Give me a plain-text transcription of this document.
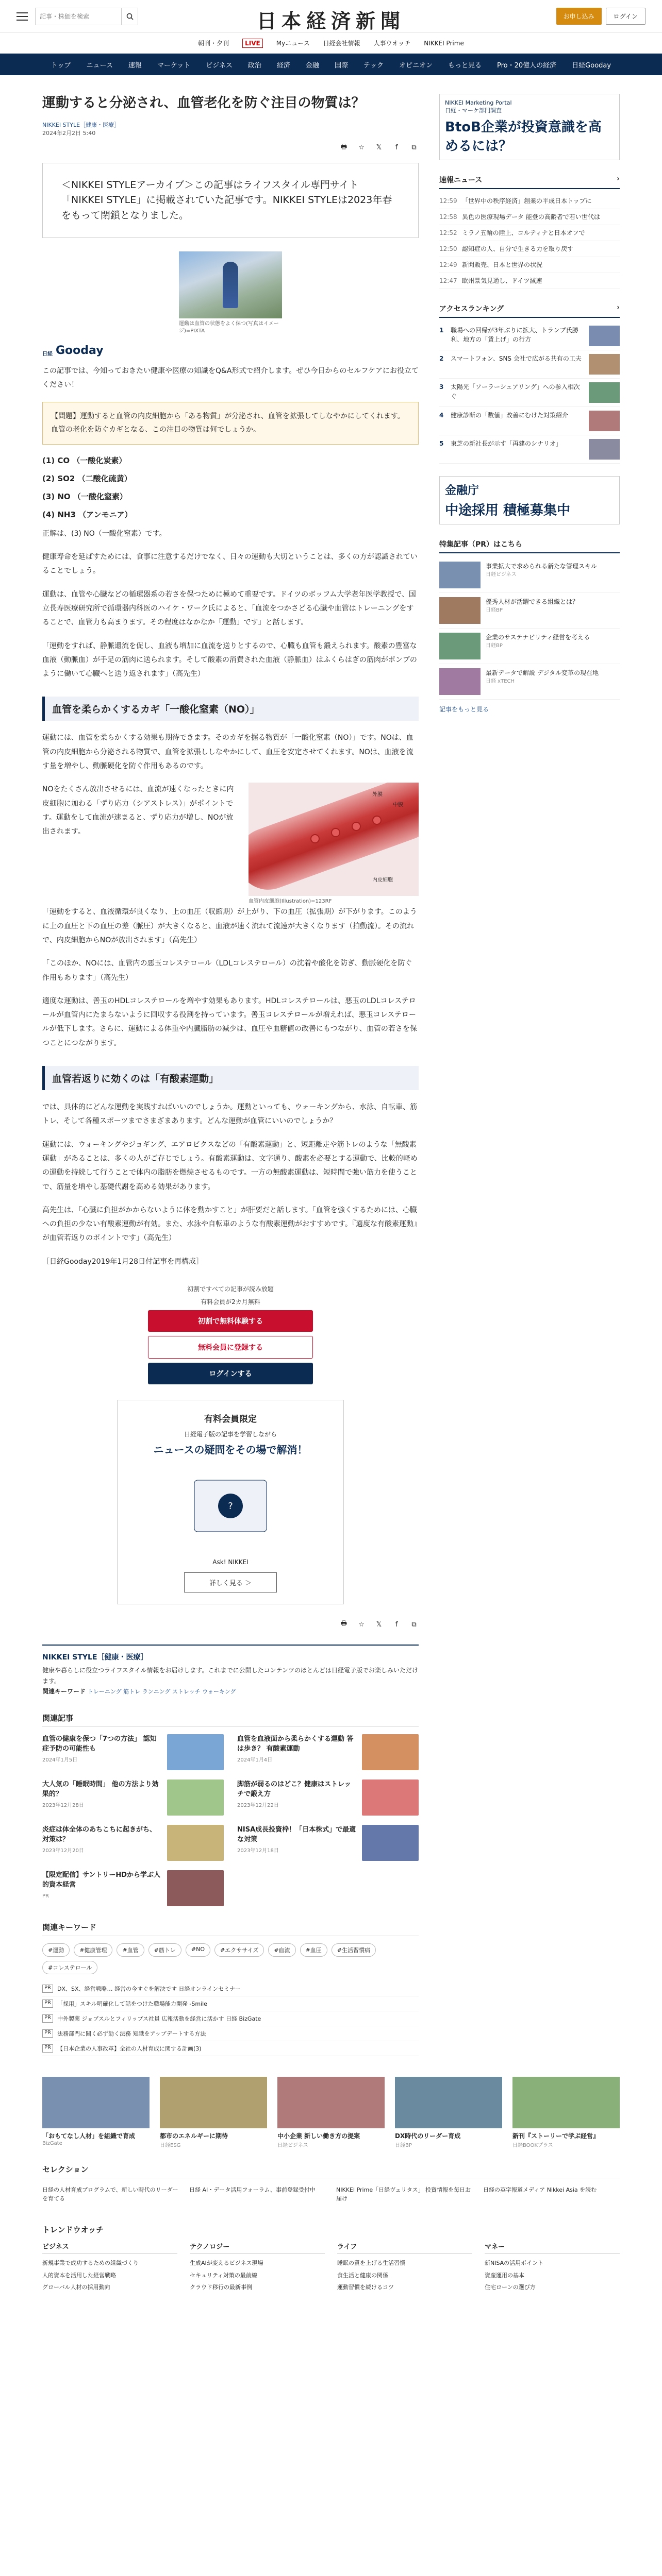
記事・株価を検索
日本経済新聞	お申し込み	ログイン
朝刊・夕刊	LIVE	Myニュース 日経会社情報 人事ウオッチ NIKKEI Prime
トップ ニュース 速報 マーケット ビジネス 政治 経済 金融 国際 テック オピニオン もっと見る Pro・20億人の経済 日経Gooday
運動すると分泌され、血管老化を防ぐ注目の物質は？
NIKKEI STYLE［健康・医療］
2024年2月2日 5:40
🖶 ☆ 𝕏	f	⧉
＜NIKKEI STYLEアーカイブ＞この記事はライフスタイル専門サイト「NIKKEI STYLE」に掲載されていた記事です。NIKKEI STYLEは2023年春をもって閉鎖となりました。
運動は血管の状態をよく保つ(写真はイメージ)=PIXTA
日経 Gooday

この記事では、今知っておきたい健康や医療の知識をQ&A形式で紹介します。ぜひ今日からのセルフケアにお役立てください！

【問題】運動すると血管の内皮細胞から「ある物質」が分泌され、血管を拡張してしなやかにしてくれます。血管の老化を防ぐカギとなる、この注目の物質は何でしょうか。
(1) CO （一酸化炭素）
(2) SO2 （二酸化硫黄）
(3) NO （一酸化窒素）
(4) NH3 （アンモニア）

正解は、(3) NO（一酸化窒素）です。

健康寿命を延ばすためには、食事に注意するだけでなく、日々の運動も大切ということは、多くの方が認識されていることでしょう。

運動は、血管や心臓などの循環器系の若さを保つために極めて重要です。ドイツのボッフム大学老年医学教授で、国立長寿医療研究所で循環器内科医のハイケ・ワーク氏によると、「血流をつかさどる心臓や血管はトレーニングをすることで、血管力も高まります。その程度はなかなか「運動」です」と話します。

「運動をすれば、静脈還流を促し、血液も増加に血流を送りとするので、心臓も血管も鍛えられます。酸素の豊富な血液（動脈血）が手足の筋肉に送られます。そして酸素の消費された血液（静脈血）はふくらはぎの筋肉がポンプのように働いて心臓へと送り返されます」（高先生）

血管を柔らかくするカギ「一酸化窒素（NO）」

運動には、血管を柔らかくする効果も期待できます。そのカギを握る物質が「一酸化窒素（NO）」です。NOは、血管の内皮細胞から分泌される物質で、血管を拡張ししなやかにして、血圧を安定させてくれます。NOは、血液を流す量を増やし、動脈硬化を防ぐ作用もあるのです。

NOをたくさん放出させるには、血流が速くなったときに内皮細胞に加わる「ずり応力（シアストレス）」がポイントです。運動をして血流が速まると、ずり応力が増し、NOが放出されます。

外膜
中膜
内皮細胞
血管内皮細胞(Illustration)=123RF

「運動をすると、血液循環が良くなり、上の血圧（収縮期）が上がり、下の血圧（拡張期）が下がります。このように上の血圧と下の血圧の差（脈圧）が大きくなると、血液が速く流れて流速が大きくなります（拍動流）。その流れで、内皮細胞からNOが放出されます」（高先生）

「このほか、NOには、血管内の悪玉コレステロール（LDLコレステロール）の沈着や酸化を防ぎ、動脈硬化を防ぐ作用もあります」（高先生）

適度な運動は、善玉のHDLコレステロールを増やす効果もあります。HDLコレステロールは、悪玉のLDLコレステロールが血管内にたまらないように回収する役割を持っています。善玉コレステロールが増えれば、悪玉コレステロールが低下します。さらに、運動による体重や内臓脂肪の減少は、血圧や血糖値の改善にもつながり、血管の若さを保つことにつながります。

血管若返りに効くのは「有酸素運動」

では、具体的にどんな運動を実践すればいいのでしょうか。運動といっても、ウォーキングから、水泳、自転車、筋トレ、そして各種スポーツまでさまざまあります。どんな運動が血管にいいのでしょうか？

運動には、ウォーキングやジョギング、エアロビクスなどの「有酸素運動」と、短距離走や筋トレのような「無酸素運動」があることは、多くの人がご存じでしょう。有酸素運動は、文字通り、酸素を必要とする運動で、比較的軽めの運動を持続して行うことで体内の脂肪を燃焼させるものです。一方の無酸素運動は、短時間で強い筋力を使うことで、筋量を増やし基礎代謝を高める効果があります。

高先生は、「心臓に負担がかからないように体を動かすこと」が肝要だと話します。「血管を強くするためには、心臓への負担の少ない有酸素運動が有効。また、水泳や自転車のような有酸素運動がおすすめです。『適度な有酸素運動』が血管若返りのポイントです」（高先生）

［日経Gooday2019年1月28日付記事を再構成］

初割ですべての記事が読み放題

有料会員が2カ月無料

初割で無料体験する
無料会員に登録する
ログインする
有料会員限定
日経電子版の記事を学習しながら
ニュースの疑問をその場で解消！
?
Ask! NIKKEI
詳しく見る ＞
🖶 ☆ 𝕏	f	⧉
NIKKEI STYLE［健康・医療］
健康や暮らしに役立つライフスタイル情報をお届けします。これまでに公開したコンテンツのほとんどは日経電子版でお楽しみいただけます。
関連キーワード トレーニング 筋トレ ランニング ストレッチ ウォーキング
関連記事
血管の健康を保つ「7つの方法」 認知症予防の可能性も
2024年1月5日
血管を血液面から柔らかくする運動 答は歩き？ 有酸素運動
2024年1月4日
大人気の「睡眠時間」 他の方法より効果的？
2023年12月28日
脚筋が弱るのはどこ？健康はストレッチで鍛え方
2023年12月22日
炎症は体全体のあちこちに起きがち、対策は？
2023年12月20日
NISA成長投資枠！「日本株式」で最適な対策
2023年12月18日
【限定配信】サントリーHDから学ぶ人的資本経営
PR
関連キーワード
#運動	#健康管理	#血管	#筋トレ	#NO	#エクササイズ	#血流	#血圧	#生活習慣病
#コレステロール
PR	DX、SX、経営戦略… 経営の今すぐを解決です 日経オンラインセミナー
PR	「採用」スキル明確化して話をつけた職場能力開発 -Smile
PR	中外製薬 ジョブスルとフィリップス社員 広報活動を経営に活かす 日経 BizGate
PR	法務部門に聞く必ず効く法務 知識をアップデートする方法
PR	【日本企業の人事改革】全社の人材育成に関する計画(3)
NIKKEI Marketing Portal
日経・マーケ部門調査
BtoB企業が投資意識を高めるには？
速報ニュース	›
12:59 「世界中の秩序経済」創業の平成日本トップに
12:58 異色の医療現場データ 能登の高齢者で若い世代は
12:52 ミラノ五輪の陸上、コルティナと日本オフで
12:50 認知症の人、自分で生きる力を取り戻す
12:49 新聞販売、日本と世界の状況
12:47 欧州景気見通し、ドイツ減速
アクセスランキング	›
1	職場への回帰が3年ぶりに拡大、トランプ氏勝利、地方の「賃上げ」の行方
2	スマートフォン、SNS 会社で広がる共有の工夫
3	太陽光「ソーラーシェアリング」への参入相次ぐ
4	健康診断の「数値」改善にむけた対策紹介
5	東芝の新社長が示す「再建のシナリオ」
金融庁
中途採用 積極募集中
特集記事（PR）はこちら
事業拡大で求められる新たな管理スキル
日経ビジネス
優秀人材が活躍できる組織とは？
日経BP
企業のサステナビリティ経営を考える
日経BP
最新データで解説 デジタル変革の現在地
日経 xTECH
記事をもっと見る
「おもてなし人材」を組織で育成
BizGate
都市のエネルギーに期待
日経ESG
中小企業 新しい働き方の提案
日経ビジネス
DX時代のリーダー育成
日経BP
新刊『ストーリーで学ぶ経営』
日経BOOKプラス
セレクション
日経の人材育成プログラムで、新しい時代のリーダーを育てる
日経 AI・データ活用フォーラム、事前登録受付中	NIKKEI Prime「日経ヴェリタス」 投資情報を毎日お届け
日経の英字報道メディア Nikkei Asia を読む
トレンドウオッチ
ビジネス
新規事業で成功するための組織づくり
人的資本を活用した経営戦略
グローバル人材の採用動向
テクノロジー
生成AIが変えるビジネス現場
セキュリティ対策の最前線
クラウド移行の最新事例
ライフ
睡眠の質を上げる生活習慣
食生活と健康の関係
運動習慣を続けるコツ
マネー
新NISAの活用ポイント
資産運用の基本
住宅ローンの選び方
